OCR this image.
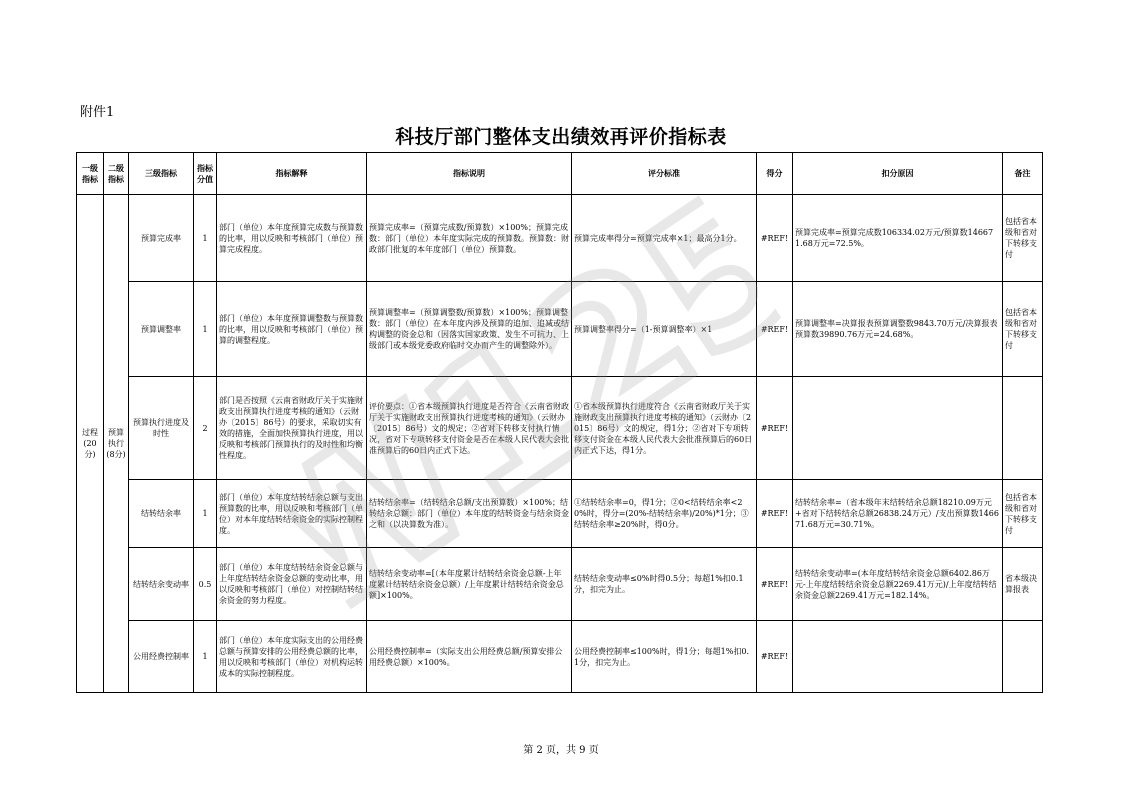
附件1
科技厅部门整体支出绩效再评价指标表
一级指标	二级指标	三级指标	指标分值	指标解释	指标说明	评分标准	得分	扣分原因	备注
过程(20分)	预算执行(8分)	预算完成率	1	部门（单位）本年度预算完成数与预算数的比率，用以反映和考核部门（单位）预算完成程度。	预算完成率=（预算完成数/预算数）×100%；预算完成数：部门（单位）本年度实际完成的预算数。预算数：财政部门批复的本年度部门（单位）预算数。	预算完成率得分=预算完成率×1；最高分1分。	#REF!	预算完成率=预算完成数106334.02万元/预算数146671.68万元=72.5%。	包括省本级和省对下转移支付
		预算调整率	1	部门（单位）本年度预算调整数与预算数的比率，用以反映和考核部门（单位）预算的调整程度。	预算调整率=（预算调整数/预算数）×100%；预算调整数：部门（单位）在本年度内涉及预算的追加、追减或结构调整的资金总和（因落实国家政策、发生不可抗力、上级部门或本级党委政府临时交办而产生的调整除外）。	预算调整率得分=（1-预算调整率）×1	#REF!	预算调整率=决算报表预算调整数9843.70万元/决算报表预算数39890.76万元=24.68%。	包括省本级和省对下转移支付
		预算执行进度及时性	2	部门是否按照《云南省财政厅关于实施财政支出预算执行进度考核的通知》（云财办〔2015〕86号）的要求，采取切实有效的措施，全面加快预算执行进度，用以反映和考核部门预算执行的及时性和均衡性程度。	评价要点：①省本级预算执行进度是否符合《云南省财政厅关于实施财政支出预算执行进度考核的通知》（云财办〔2015〕86号）文的规定；②省对下转移支付执行情况，省对下专项转移支付资金是否在本级人民代表大会批准预算后的60日内正式下达。	①省本级预算执行进度符合《云南省财政厅关于实施财政支出预算执行进度考核的通知》（云财办〔2015〕86号）文的规定，得1分；②省对下专项转移支付资金在本级人民代表大会批准预算后的60日内正式下达，得1分。	#REF!		
		结转结余率	1	部门（单位）本年度结转结余总额与支出预算数的比率，用以反映和考核部门（单位）对本年度结转结余资金的实际控制程度。	结转结余率=（结转结余总额/支出预算数）×100%；结转结余总额：部门（单位）本年度的结转资金与结余资金之和（以决算数为准）。	①结转结余率=0，得1分；②0<结转结余率<20%时，得分=(20%-结转结余率)/20%)*1分；③结转结余率≥20%时，得0分。	#REF!	结转结余率=（省本级年末结转结余总额18210.09万元+省对下结转结余总额26838.24万元）/支出预算数146671.68万元=30.71%。	包括省本级和省对下转移支付
		结转结余变动率	0.5	部门（单位）本年度结转结余资金总额与上年度结转结余资金总额的变动比率，用以反映和考核部门（单位）对控制结转结余资金的努力程度。	结转结余变动率=[（本年度累计结转结余资金总额-上年度累计结转结余资金总额）/上年度累计结转结余资金总额]×100%。	结转结余变动率≤0%时得0.5分；每超1%扣0.1分，扣完为止。	#REF!	结转结余变动率=(本年度结转结余资金总额6402.86万元-上年度结转结余资金总额2269.41万元)/上年度结转结余资金总额2269.41万元=182.14%。	省本级决算报表
		公用经费控制率	1	部门（单位）本年度实际支出的公用经费总额与预算安排的公用经费总额的比率，用以反映和考核部门（单位）对机构运转成本的实际控制程度。	公用经费控制率=（实际支出公用经费总额/预算安排公用经费总额）×100%。	公用经费控制率≤100%时，得1分；每超1%扣0.1分，扣完为止。	#REF!		
W125
第 2 页，共 9 页
